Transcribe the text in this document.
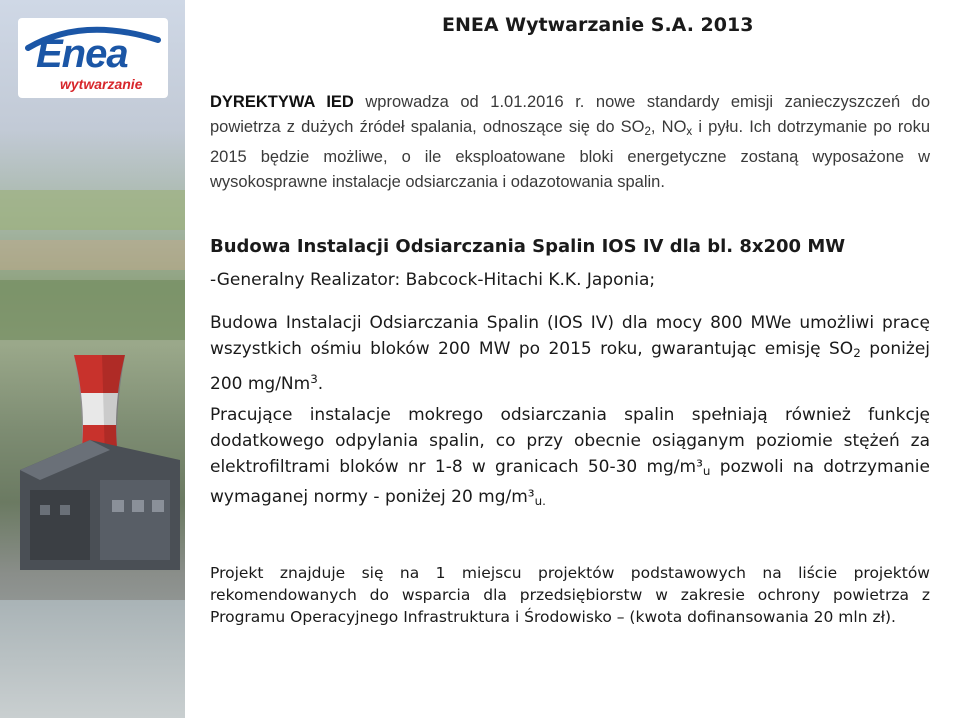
Enea
wytwarzanie
ENEA Wytwarzanie S.A. 2013
DYREKTYWA IED wprowadza od 1.01.2016 r. nowe standardy emisji zanieczyszczeń do powietrza z dużych źródeł spalania, odnoszące się do $SO_2$, $NO_x$ i pyłu. Ich dotrzymanie po roku 2015 będzie możliwe, o ile eksploatowane bloki energetyczne zostaną wyposażone w wysokosprawne instalacje odsiarczania i odazotowania spalin.
Budowa Instalacji Odsiarczania Spalin IOS IV dla bl. 8x200 MW
-Generalny Realizator: Babcock-Hitachi K.K. Japonia;
Budowa Instalacji Odsiarczania Spalin (IOS IV) dla mocy 800 MWe umożliwi pracę wszystkich ośmiu bloków 200 MW po 2015 roku, gwarantując emisję $SO_2$ poniżej 200 mg/Nm$^3$.
Pracujące instalacje mokrego odsiarczania spalin spełniają również funkcję dodatkowego odpylania spalin, co przy obecnie osiąganym poziomie stężeń za elektrofiltrami bloków nr 1-8 w granicach 50-30 $mg/m^3_u$ pozwoli na dotrzymanie wymaganej normy - poniżej 20 $mg/m^3_{u.}$
Projekt znajduje się na 1 miejscu projektów podstawowych na liście projektów rekomendowanych do wsparcia dla przedsiębiorstw w zakresie ochrony powietrza z Programu Operacyjnego Infrastruktura i Środowisko – (kwota dofinansowania 20 mln zł).
